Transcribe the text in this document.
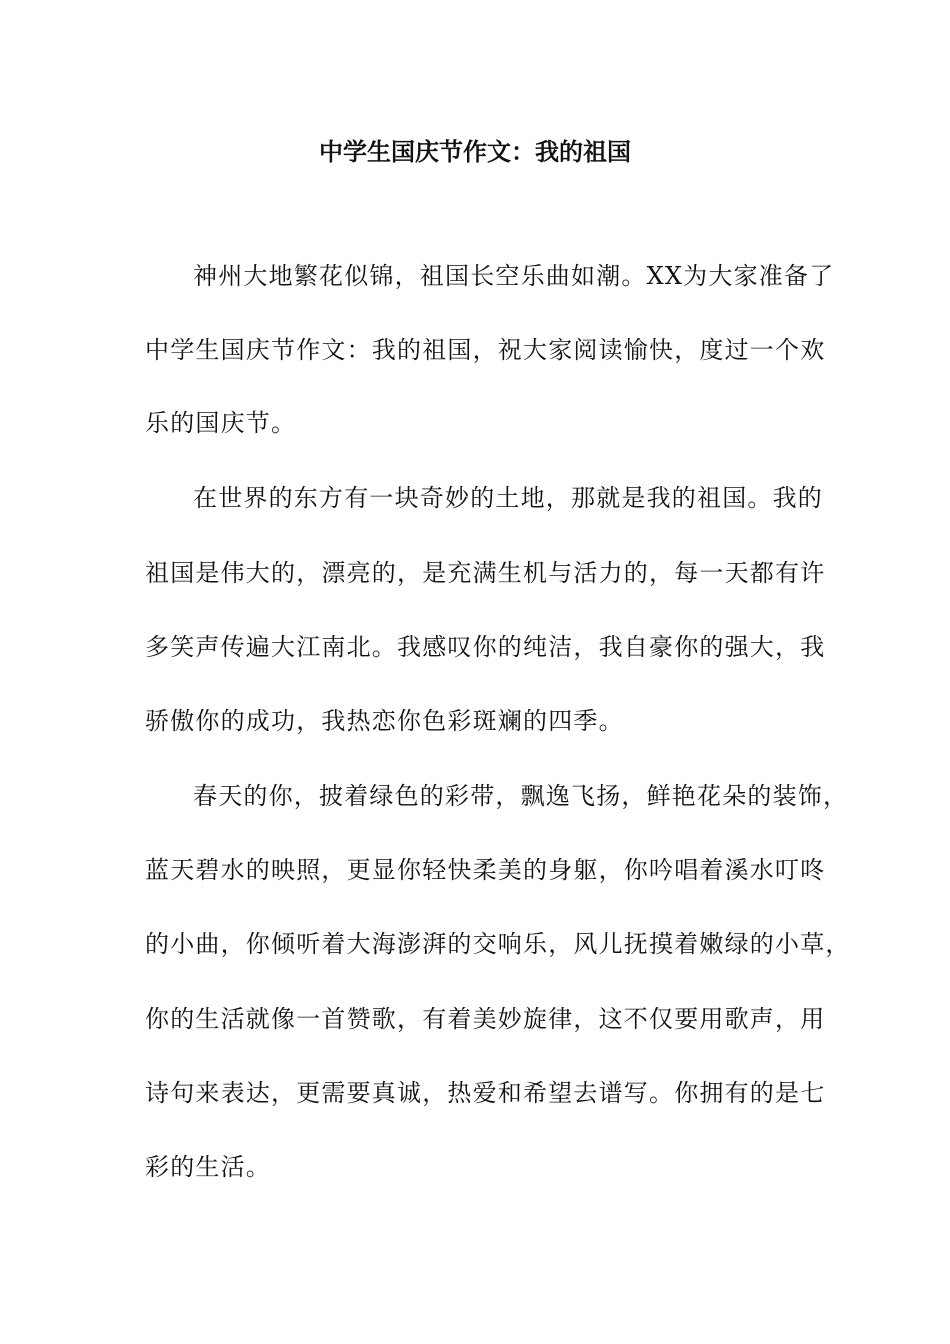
中学生国庆节作文：我的祖国
神州大地繁花似锦，祖国长空乐曲如潮。XX为大家准备了
中学生国庆节作文：我的祖国，祝大家阅读愉快，度过一个欢
乐的国庆节。
在世界的东方有一块奇妙的土地，那就是我的祖国。我的
祖国是伟大的，漂亮的，是充满生机与活力的，每一天都有许
多笑声传遍大江南北。我感叹你的纯洁，我自豪你的强大，我
骄傲你的成功，我热恋你色彩斑斓的四季。
春天的你，披着绿色的彩带，飘逸飞扬，鲜艳花朵的装饰，
蓝天碧水的映照，更显你轻快柔美的身躯，你吟唱着溪水叮咚
的小曲，你倾听着大海澎湃的交响乐，风儿抚摸着嫩绿的小草，
你的生活就像一首赞歌，有着美妙旋律，这不仅要用歌声，用
诗句来表达，更需要真诚，热爱和希望去谱写。你拥有的是七
彩的生活。
